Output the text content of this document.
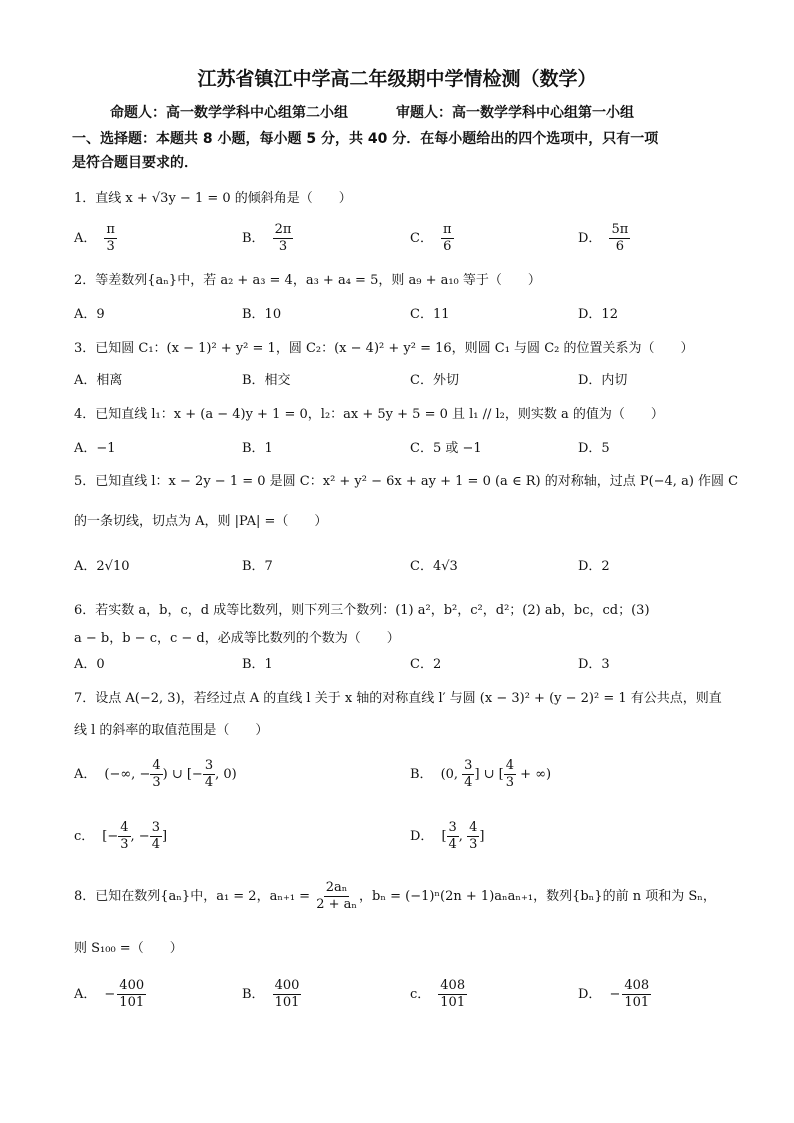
江苏省镇江中学高二年级期中学情检测（数学）
命题人：高一数学学科中心组第二小组	审题人：高一数学学科中心组第一小组
一、选择题：本题共 8 小题，每小题 5 分，共 40 分．在每小题给出的四个选项中，只有一项
是符合题目要求的．
1．直线 x + √3y − 1 = 0 的倾斜角是（　　）
A． $\frac{\pi}{3}$	B． $\frac{2\pi}{3}$	C． $\frac{\pi}{6}$	D． $\frac{5\pi}{6}$
2．等差数列{aₙ}中，若 a₂ + a₃ = 4，a₃ + a₄ = 5，则 a₉ + a₁₀ 等于（　　）
A．9	B．10	C．11	D．12
3．已知圆 C₁：(x − 1)² + y² = 1，圆 C₂：(x − 4)² + y² = 16，则圆 C₁ 与圆 C₂ 的位置关系为（　　）
A．相离	B．相交	C．外切	D．内切
4．已知直线 l₁：x + (a − 4)y + 1 = 0，l₂：ax + 5y + 5 = 0 且 l₁ // l₂，则实数 a 的值为（　　）
A．−1	B．1	C．5 或 −1	D．5
5．已知直线 l：x − 2y − 1 = 0 是圆 C：x² + y² − 6x + ay + 1 = 0 (a ∈ R) 的对称轴，过点 P(−4, a) 作圆 C
的一条切线，切点为 A，则 |PA| =（　　）
A．2√10	B．7	C．4√3	D．2
6．若实数 a，b，c，d 成等比数列，则下列三个数列：(1) a²，b²，c²，d²；(2) ab，bc，cd；(3)
a − b，b − c，c − d，必成等比数列的个数为（　　）
A．0	B．1	C．2	D．3
7．设点 A(−2, 3)，若经过点 A 的直线 l 关于 x 轴的对称直线 l′ 与圆 (x − 3)² + (y − 2)² = 1 有公共点，则直
线 l 的斜率的取值范围是（　　）
A． (−∞, − $\frac{4}{3}$ ) ∪ [− $\frac{3}{4}$ , 0)	B． (0, $\frac{3}{4}$ ] ∪ [ $\frac{4}{3}$ + ∞)
c． [− $\frac{4}{3}$ , − $\frac{3}{4}$ ]	D． [ $\frac{3}{4}$ , $\frac{4}{3}$ ]
8．已知在数列{aₙ}中，a₁ = 2，$a_{n+1} = \frac{\text{2aₙ}}{\text{2 + aₙ}}$ ，bₙ = (−1)ⁿ(2n + 1)aₙaₙ₊₁，数列{bₙ}的前 n 项和为 Sₙ，
则 S₁₀₀ =（　　）
A． − $\frac{400}{101}$	B． $\frac{400}{101}$	c． $\frac{408}{101}$	D． − $\frac{408}{101}$
